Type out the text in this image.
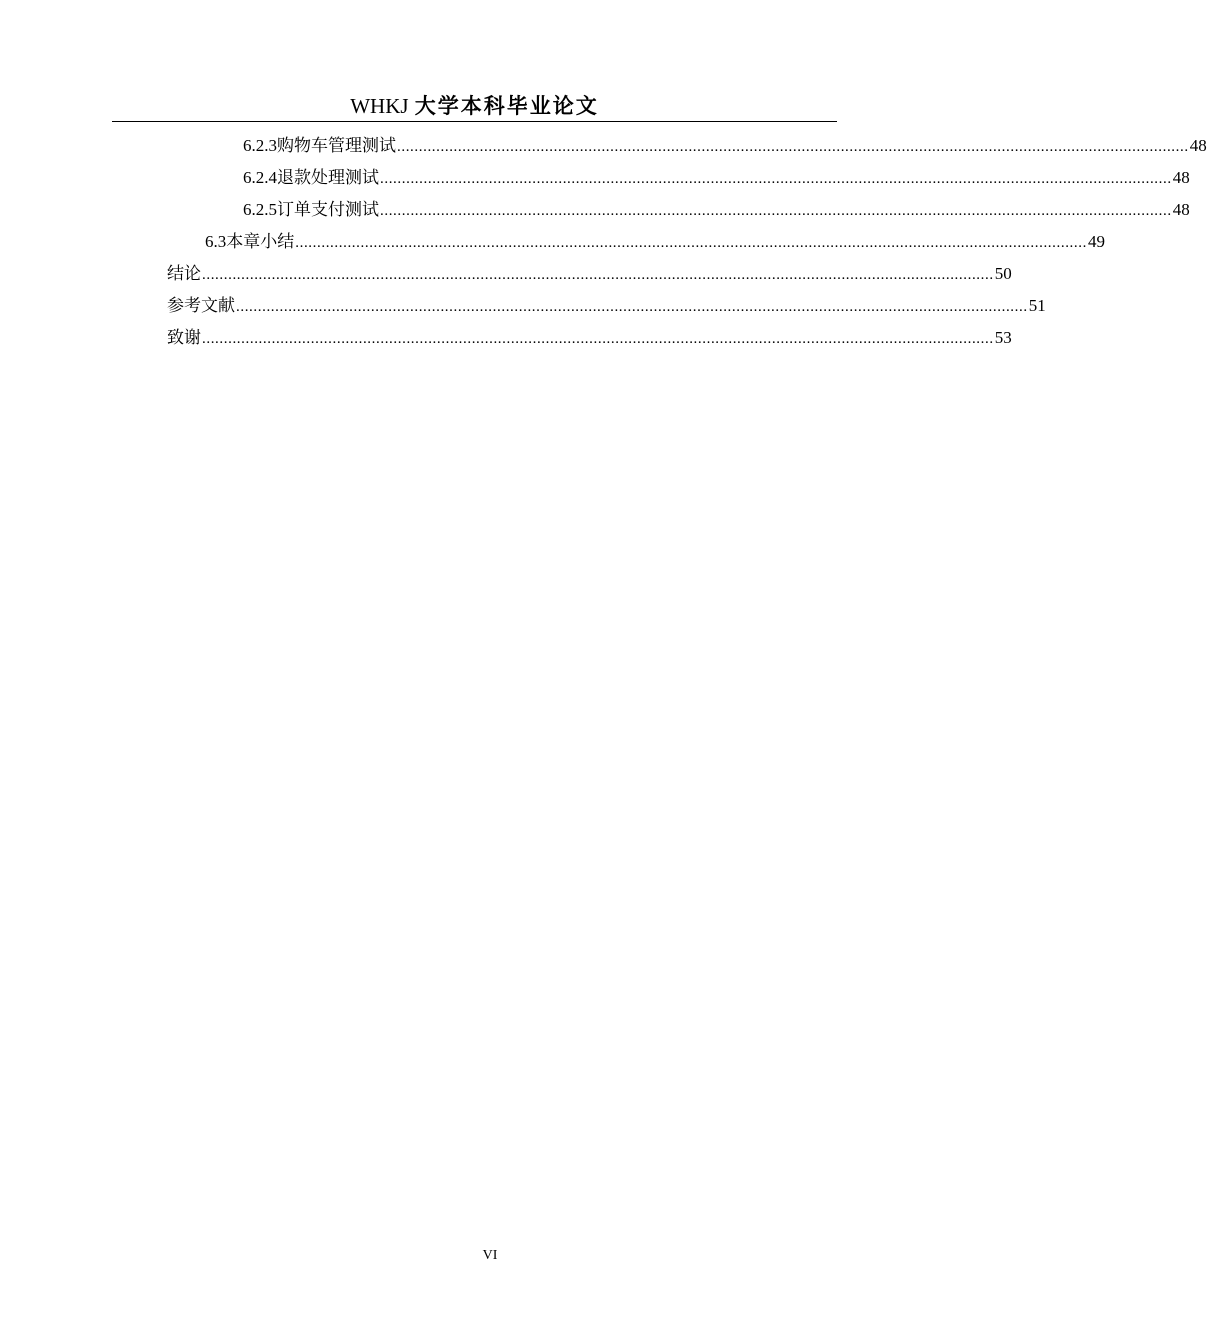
WHKJ 大学本科毕业论文
6.2.3 购物车管理测试 ...................................................................................................................................................................................... 48
6.2.4 退款处理测试 ...................................................................................................................................................................................... 48
6.2.5 订单支付测试 ...................................................................................................................................................................................... 48
6.3 本章小结 ...................................................................................................................................................................................... 49
结论 ...................................................................................................................................................................................... 50
参考文献 ...................................................................................................................................................................................... 51
致谢 ...................................................................................................................................................................................... 53
VI
